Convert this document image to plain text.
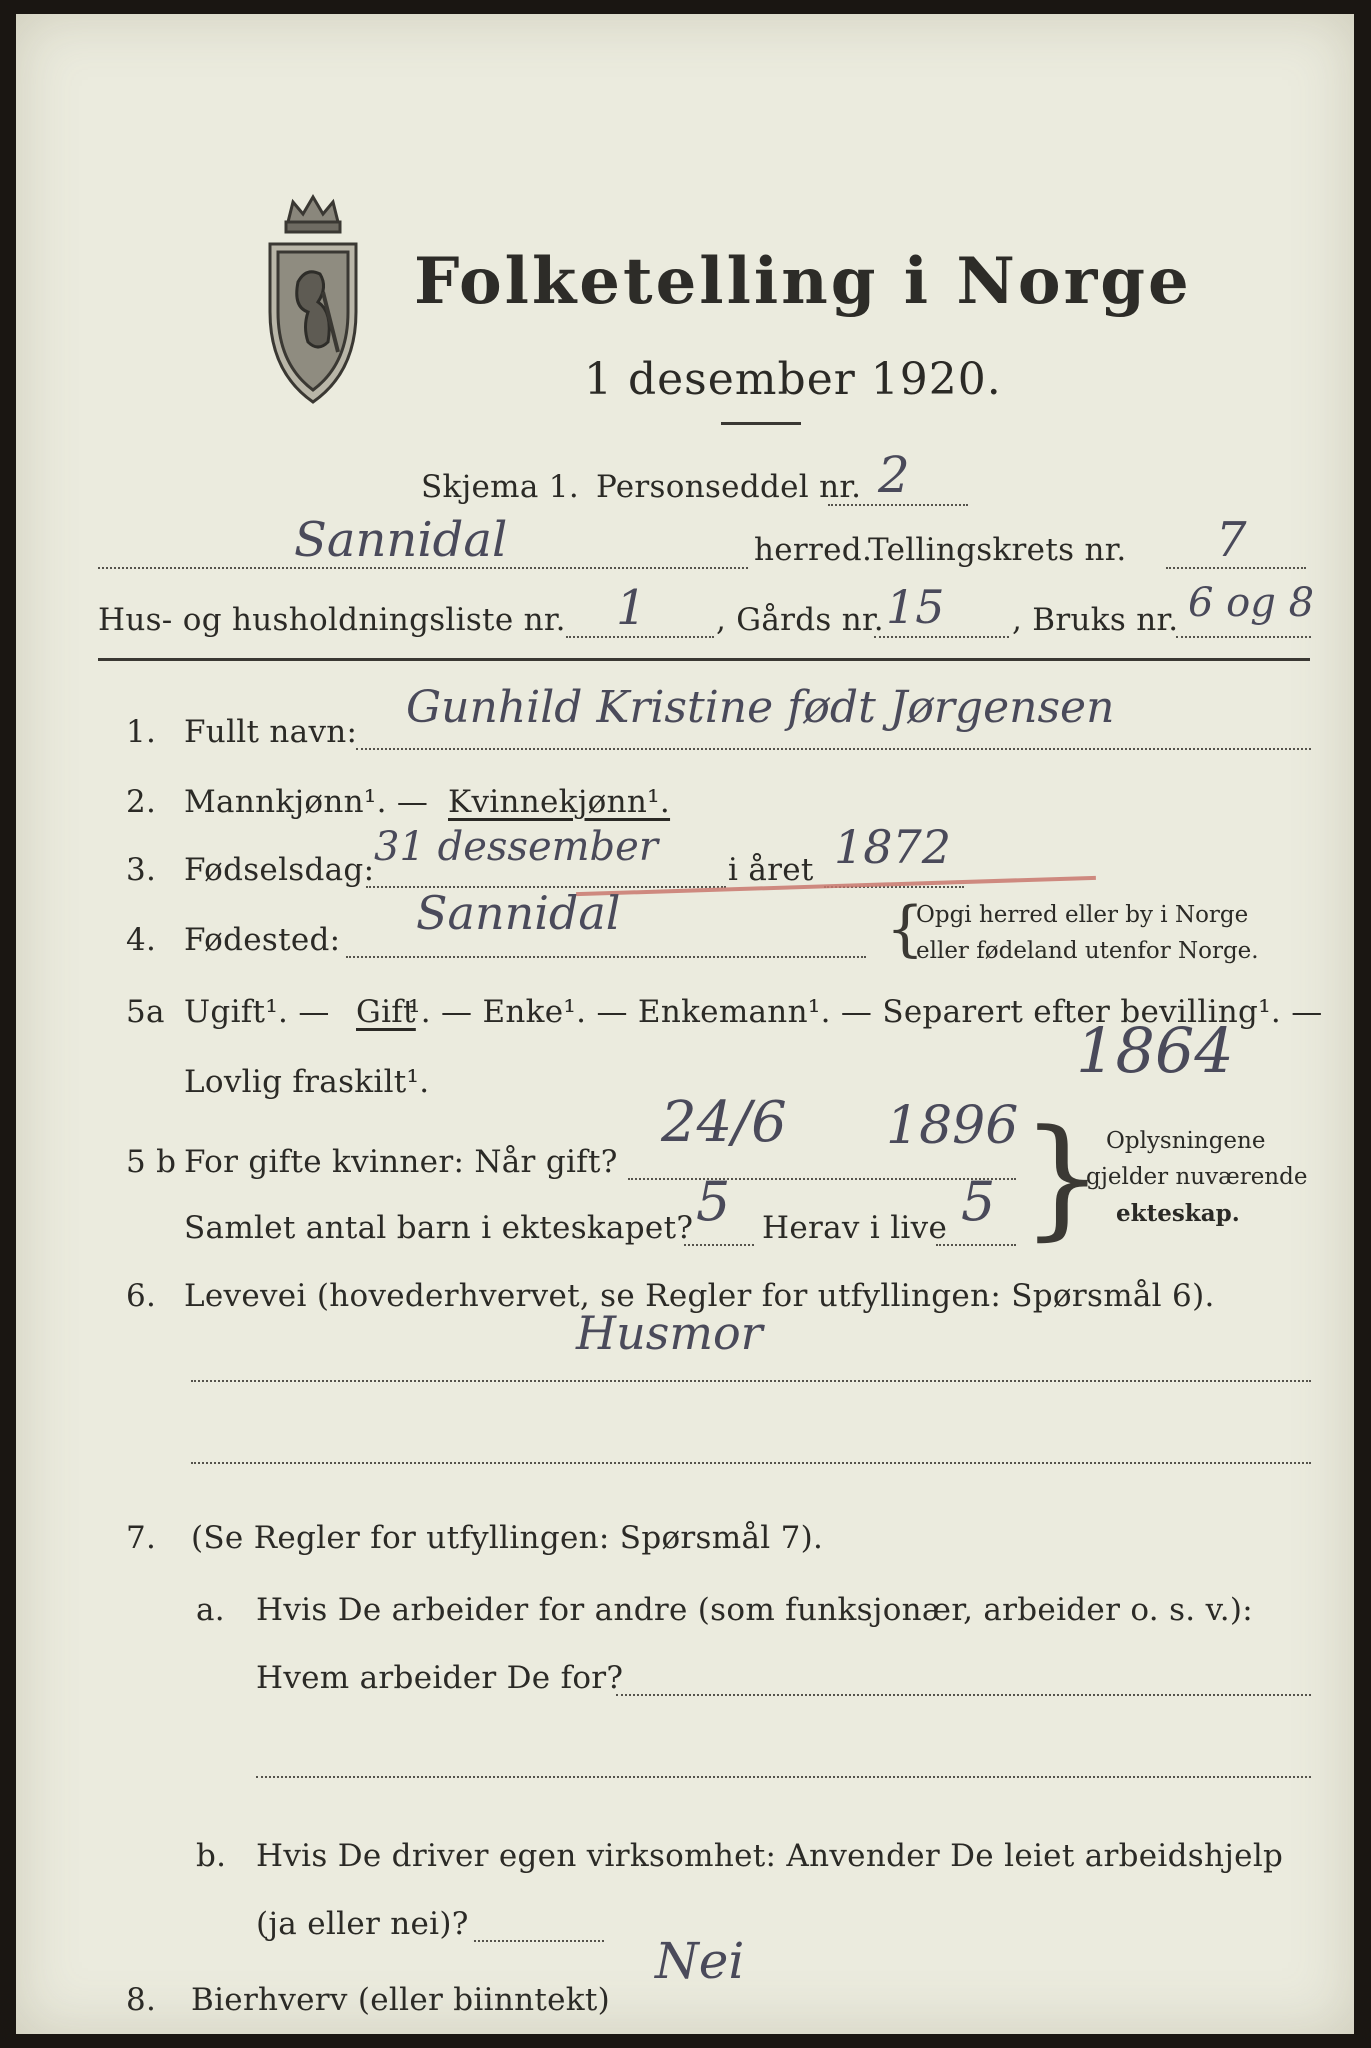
Folketelling i Norge
1 desember 1920.
Skjema 1. Personseddel nr. 2
Sannidal	herred.
Tellingskrets nr. 7
Hus- og husholdningsliste nr. 1 , Gårds nr. 15 , Bruks nr. 6 og 8
1. Fullt navn: Gunhild Kristine født Jørgensen
2. Mannkjønn¹. — Kvinnekjønn¹.
3. Fødselsdag: 31 dessember i året 1872
4. Fødested: Sannidal	{
Opgi herred eller by i Norge
eller fødeland utenfor Norge.
5a Ugift¹. — Gift
¹. — Enke¹. — Enkemann¹. — Separert efter bevilling¹. —
Lovlig fraskilt¹.	1864
5 b For gifte kvinner: Når gift?
24/6 1896
Samlet antal barn i ekteskapet? 5 Herav i live 5 } Oplysningene
gjelder nuværende
ekteskap.
6. Levevei (hovederhvervet, se Regler for utfyllingen: Spørsmål 6).
Husmor
7. (Se Regler for utfyllingen: Spørsmål 7).
a. Hvis De arbeider for andre (som funksjonær, arbeider o. s. v.):
Hvem arbeider De for?
b. Hvis De driver egen virksomhet: Anvender De leiet arbeidshjelp
(ja eller nei)?
8. Bierhverv (eller biinntekt)
Nei
